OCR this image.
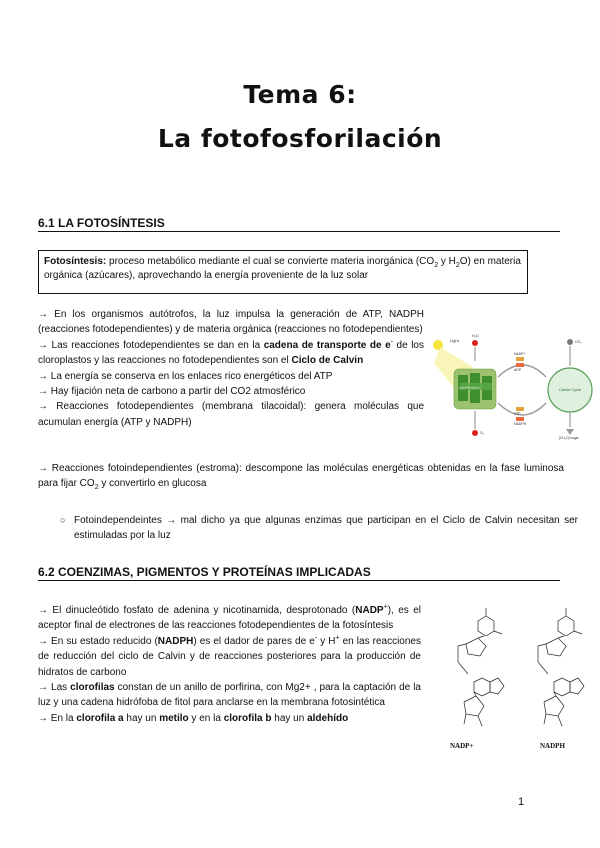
Tema 6:
La fotofosforilación
6.1 LA FOTOSÍNTESIS
Fotosíntesis: proceso metabólico mediante el cual se convierte materia inorgánica ($CO_2$ y $H_2O$) en materia orgánica (azúcares), aprovechando la energía proveniente de la luz solar
→ En los organismos autótrofos, la luz impulsa la generación de ATP, NADPH (reacciones fotodependientes) y de materia orgánica (reacciones no fotodependientes)
→ Las reacciones fotodependientes se dan en la cadena de transporte de e- de los cloroplastos y las reacciones no fotodependientes son el Ciclo de Calvin
→ La energía se conserva en los enlaces rico energéticos del ATP
→ Hay fijación neta de carbono a partir del CO2 atmosférico
→ Reacciones fotodependientes (membrana tilacoidal): genera moléculas que acumulan energía (ATP y NADPH)
→ Reacciones fotoindependientes (estroma): descompone las moléculas energéticas obtenidas en la fase luminosa para fijar $CO_2$ y convertirlo en glucosa
○ Fotoindependeintes → mal dicho ya que algunas enzimas que participan en el Ciclo de Calvin necesitan ser estimuladas por la luz
Light
H₂O
Light Reactions
NADP⁺
ADP
ATP
NADPH
Calvin Cycle
CO₂
O₂
[CH₂O] sugar
6.2 COENZIMAS, PIGMENTOS Y PROTEÍNAS IMPLICADAS
→ El dinucleótido fosfato de adenina y nicotinamida, desprotonado (NADP+), es el aceptor final de electrones de las reacciones fotodependientes de la fotosíntesis
→ En su estado reducido (NADPH) es el dador de pares de e- y H+ en las reacciones de reducción del ciclo de Calvin y de reacciones posteriores para la producción de hidratos de carbono
→ Las clorofilas constan de un anillo de porfirina, con Mg2+ , para la captación de la luz y una cadena hidrófoba de fitol para anclarse en la membrana fotosintética
→ En la clorofila a hay un metilo y en la clorofila b hay un aldehído
NADP+	NADPH
1
